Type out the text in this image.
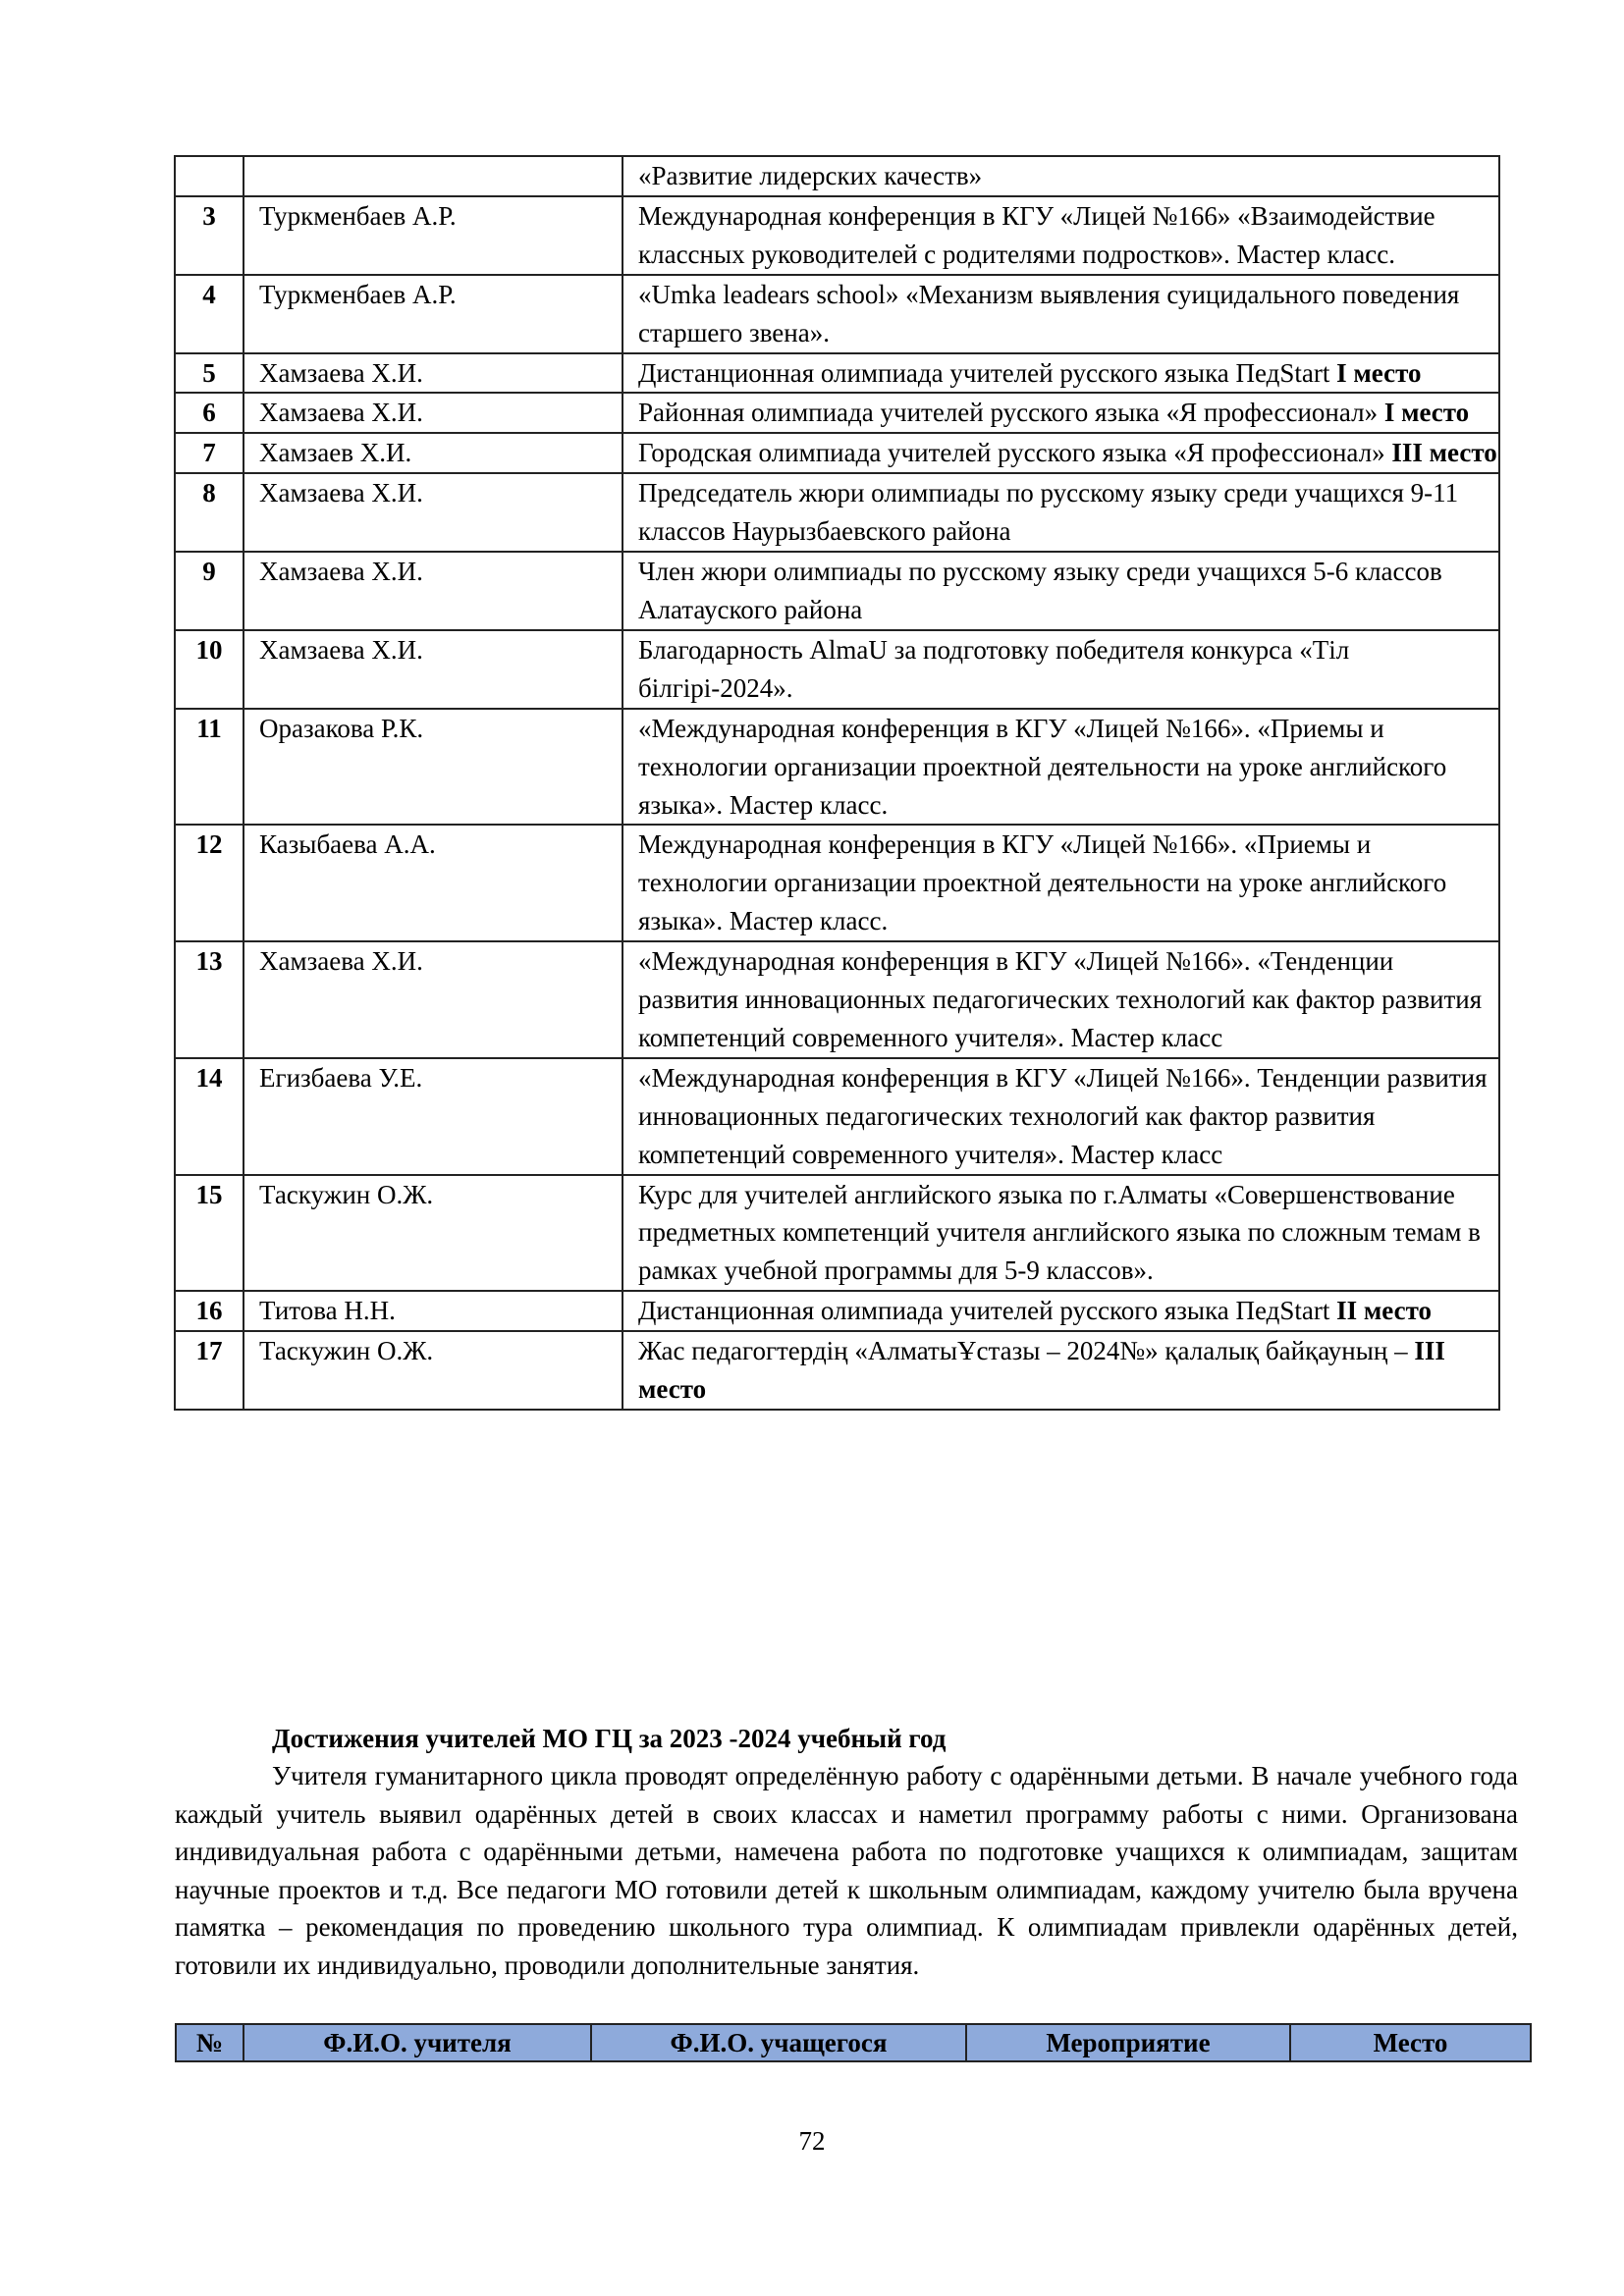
		«Развитие лидерских качеств»
3	Туркменбаев А.Р.	Международная конференция в КГУ «Лицей №166» «Взаимодействие классных руководителей с родителями подростков». Мастер класс.
4	Туркменбаев А.Р.	«Umka leadears school» «Механизм выявления суицидального поведения старшего звена».
5	Хамзаева Х.И.	Дистанционная олимпиада учителей русского языка ПедStart I место
6	Хамзаева Х.И.	Районная олимпиада учителей русского языка «Я профессионал» I место
7	Хамзаев Х.И.	Городская олимпиада учителей русского языка «Я профессионал» III место
8	Хамзаева Х.И.	Председатель жюри олимпиады по русскому языку среди учащихся 9-11 классов Наурызбаевского района
9	Хамзаева Х.И.	Член жюри олимпиады по русскому языку среди учащихся 5-6 классов Алатауского района
10	Хамзаева Х.И.	Благодарность AlmaU за подготовку победителя конкурса «Тіл білгірі-2024».
11	Оразакова Р.К.	«Международная конференция в КГУ «Лицей №166». «Приемы и технологии организации проектной деятельности на уроке английского языка». Мастер класс.
12	Казыбаева А.А.	Международная конференция в КГУ «Лицей №166». «Приемы и технологии организации проектной деятельности на уроке английского языка». Мастер класс.
13	Хамзаева Х.И.	«Международная конференция в КГУ «Лицей №166». «Тенденции развития инновационных педагогических технологий как фактор развития компетенций современного учителя». Мастер класс
14	Егизбаева У.Е.	«Международная конференция в КГУ «Лицей №166». Тенденции развития инновационных педагогических технологий как фактор развития компетенций современного учителя». Мастер класс
15	Таскужин О.Ж.	Курс для учителей английского языка по г.Алматы «Совершенствование предметных компетенций учителя английского языка по сложным темам в рамках учебной программы для 5-9 классов».
16	Титова Н.Н.	Дистанционная олимпиада учителей русского языка ПедStart II место
17	Таскужин О.Ж.	Жас педагогтердің «АлматыҰстазы – 2024№» қалалық байқауның – III место
Достижения учителей МО ГЦ за 2023 -2024 учебный год

Учителя гуманитарного цикла проводят определённую работу с одарёнными детьми. В начале учебного года каждый учитель выявил одарённых детей в своих классах и наметил программу работы с ними. Организована индивидуальная работа с одарёнными детьми, намечена работа по подготовке учащихся к олимпиадам, защитам научные проектов и т.д. Все педагоги МО готовили детей к школьным олимпиадам, каждому учителю была вручена памятка – рекомендация по проведению школьного тура олимпиад. К олимпиадам привлекли одарённых детей, готовили их индивидуально, проводили дополнительные занятия.

№	Ф.И.О. учителя	Ф.И.О. учащегося	Мероприятие	Место
72
